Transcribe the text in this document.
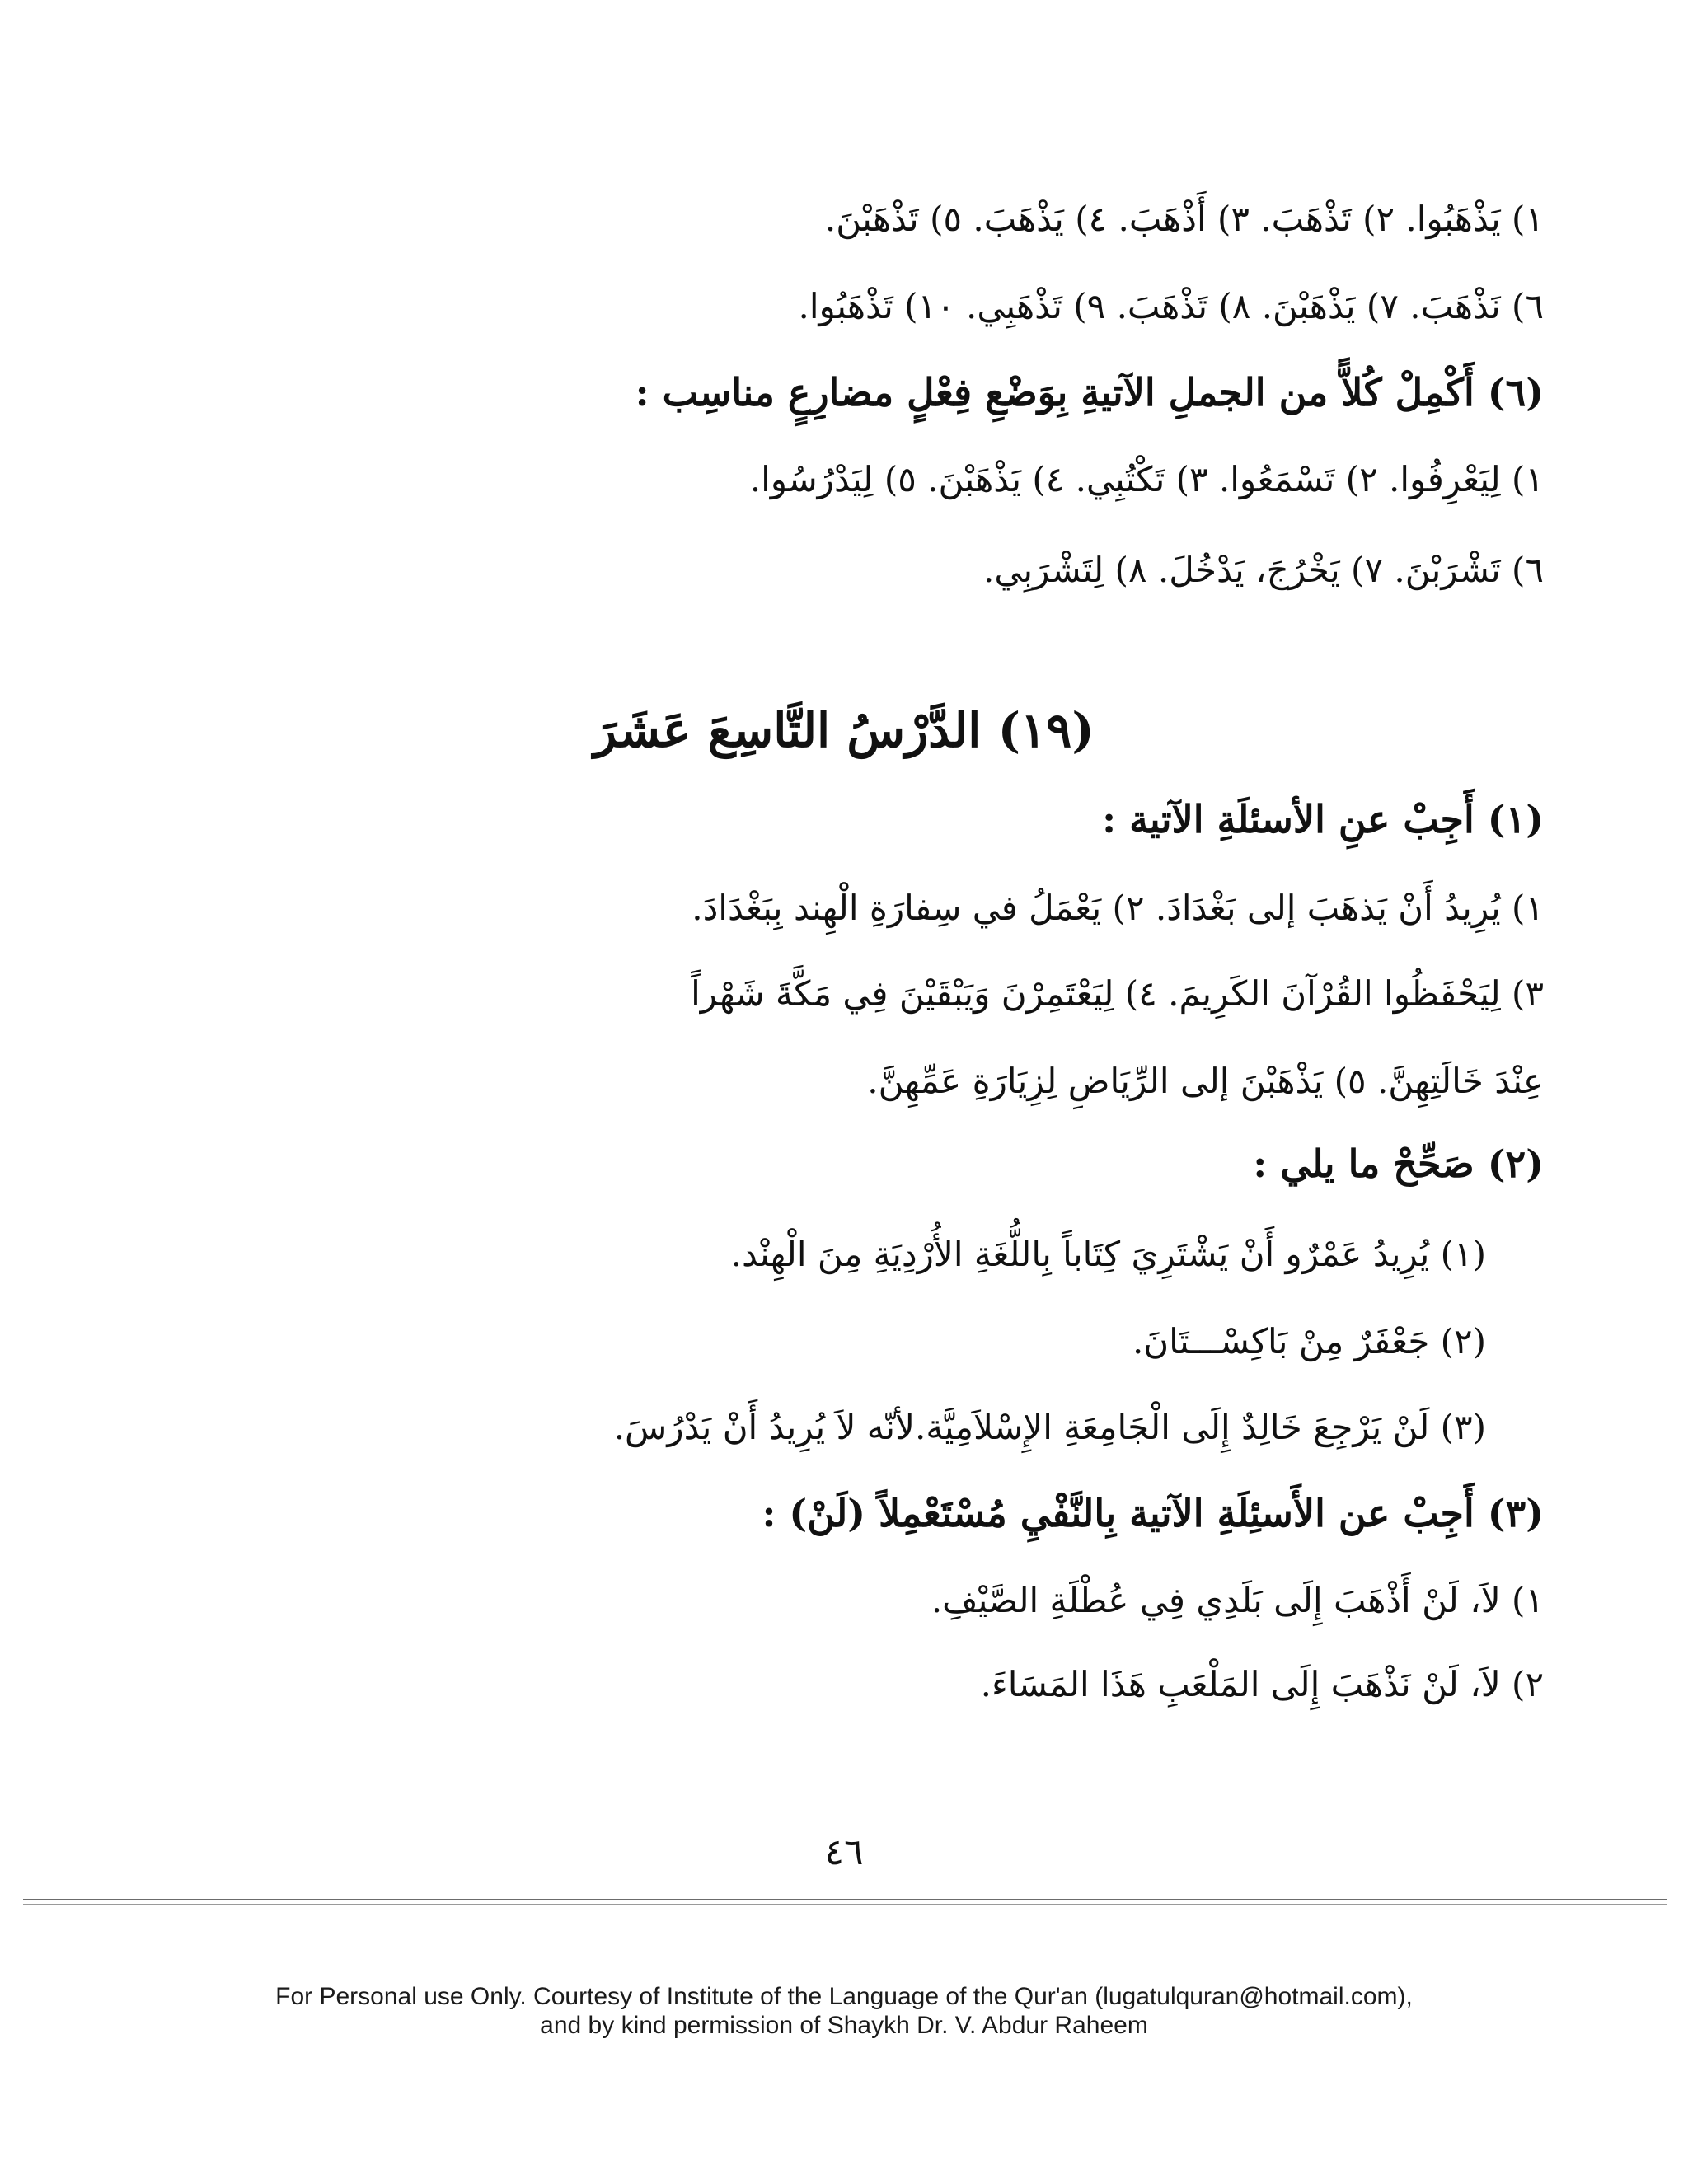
١) يَذْهَبُوا. ٢) تَذْهَبَ. ٣) أَذْهَبَ. ٤) يَذْهَبَ. ٥) تَذْهَبْنَ.
٦) نَذْهَبَ. ٧) يَذْهَبْنَ. ٨) تَذْهَبَ. ٩) تَذْهَبِي. ١٠) تَذْهَبُوا.
(٦) أَكْمِلْ كُلاًّ من الجملِ الآتيةِ بِوَضْعِ فِعْلٍ مضارِعٍ مناسِب :
١) لِيَعْرِفُوا. ٢) تَسْمَعُوا. ٣) تَكْتُبِي. ٤) يَذْهَبْنَ. ٥) لِيَدْرُسُوا.
٦) تَشْرَبْنَ. ٧) يَخْرُجَ، يَدْخُلَ. ٨) لِتَشْرَبِي.
(١٩) الدَّرْسُ التَّاسِعَ عَشَرَ
(١) أَجِبْ عنِ الأسئلَةِ الآتية :
١) يُرِيدُ أَنْ يَذهَبَ إلى بَغْدَادَ. ٢) يَعْمَلُ في سِفارَةِ الْهِند بِبَغْدَادَ.
٣) لِيَحْفَظُوا القُرْآنَ الكَرِيمَ. ٤) لِيَعْتَمِرْنَ وَيَبْقَيْنَ فِي مَكَّةَ شَهْراً
عِنْدَ خَالَتِهِنَّ. ٥) يَذْهَبْنَ إلى الرِّيَاضِ لِزِيَارَةِ عَمِّهِنَّ.
(٢) صَحِّحْ ما يلي :
(١) يُرِيدُ عَمْرٌو أَنْ يَشْتَرِيَ كِتَاباً بِاللُّغَةِ الأُرْدِيَةِ مِنَ الْهِنْد.
(٢) جَعْفَرٌ مِنْ بَاكِسْـــتَانَ.
(٣) لَنْ يَرْجِعَ خَالِدٌ إِلَى الْجَامِعَةِ الإِسْلاَمِيَّة.لأنّه لاَ يُرِيدُ أَنْ يَدْرُسَ.
(٣) أَجِبْ عن الأَسئِلَةِ الآتية بِالنَّفْيِ مُسْتَعْمِلاً (لَنْ) :
١) لاَ، لَنْ أَذْهَبَ إِلَى بَلَدِي فِي عُطْلَةِ الصَّيْفِ.
٢) لاَ، لَنْ نَذْهَبَ إِلَى المَلْعَبِ هَذَا المَسَاءَ.
٤٦
For Personal use Only. Courtesy of Institute of the Language of the Qur'an (lugatulquran@hotmail.com),
and by kind permission of Shaykh Dr. V. Abdur Raheem
